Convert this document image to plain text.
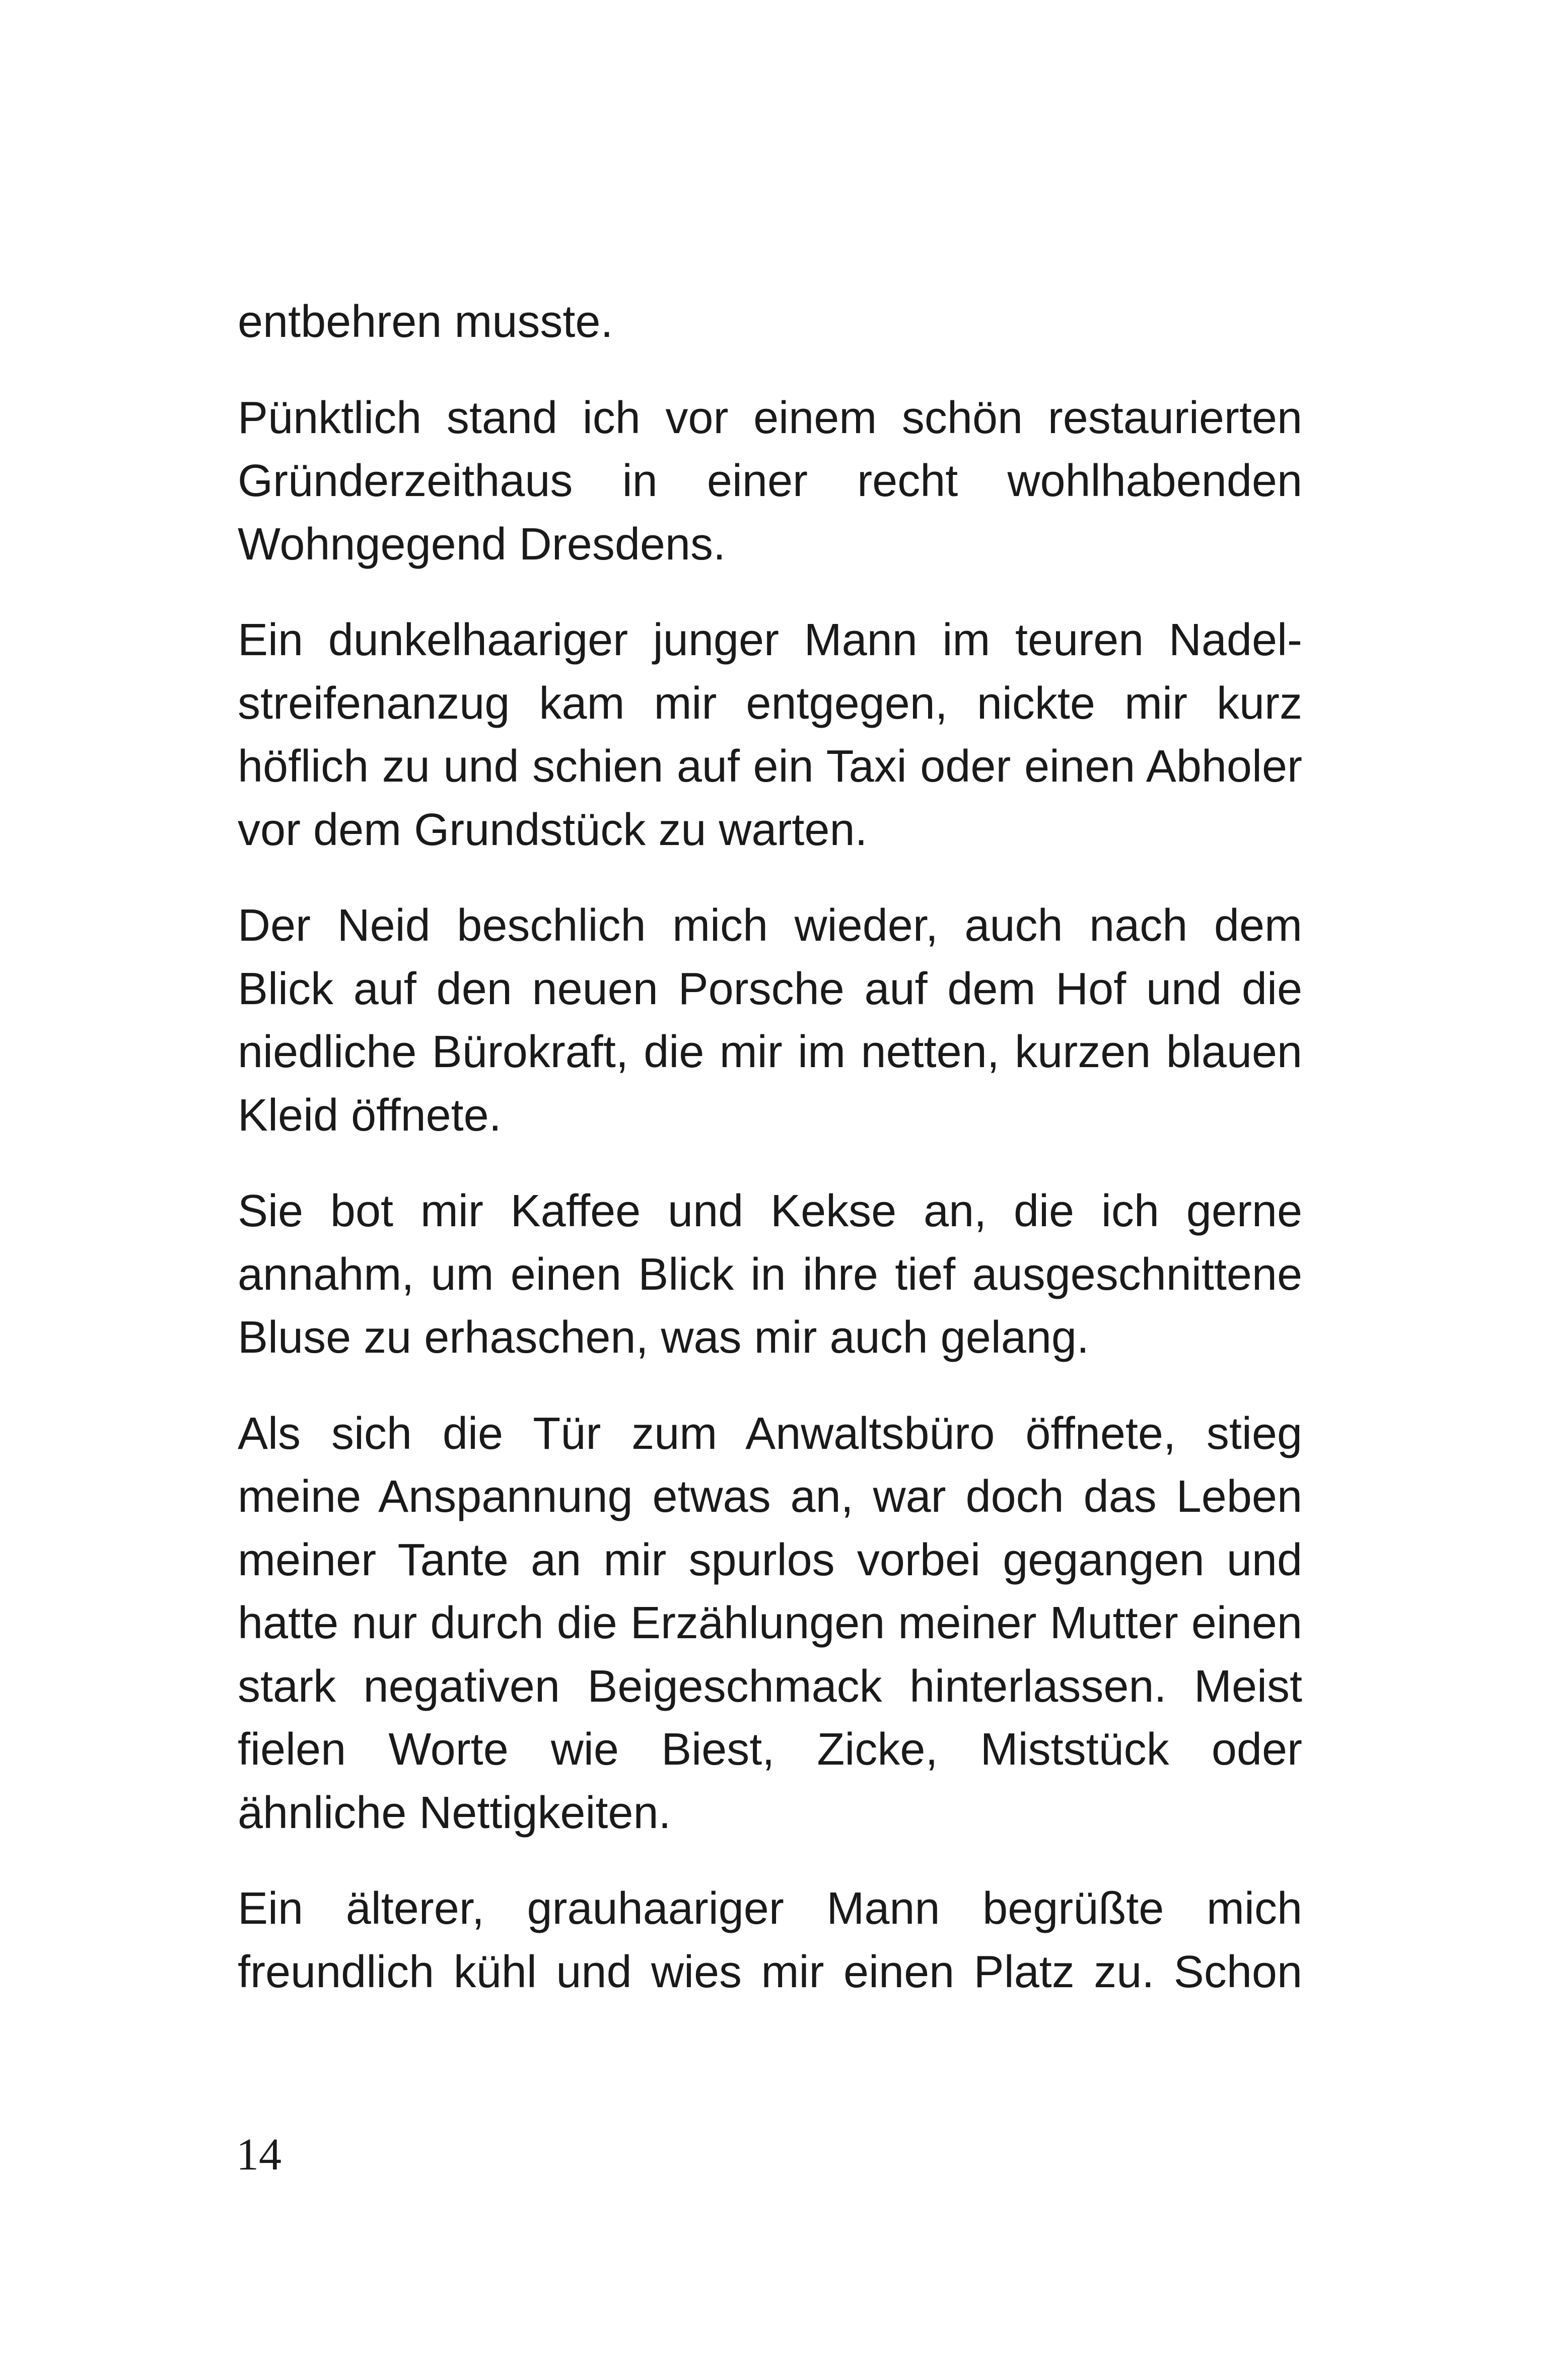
entbehren musste.

Pünktlich stand ich vor einem schön restaurierten Gründerzeithaus in einer recht wohlhabenden Wohngegend Dresdens.

Ein dunkelhaariger junger Mann im teuren Nadelstreifenanzug kam mir entgegen, nickte mir kurz höflich zu und schien auf ein Taxi oder einen Abholer vor dem Grundstück zu warten.

Der Neid beschlich mich wieder, auch nach dem Blick auf den neuen Porsche auf dem Hof und die niedliche Bürokraft, die mir im netten, kurzen blauen Kleid öffnete.

Sie bot mir Kaffee und Kekse an, die ich gerne annahm, um einen Blick in ihre tief ausgeschnittene Bluse zu erhaschen, was mir auch gelang.

Als sich die Tür zum Anwaltsbüro öffnete, stieg meine Anspannung etwas an, war doch das Leben meiner Tante an mir spurlos vorbei gegangen und hatte nur durch die Erzählungen meiner Mutter einen stark negativen Beigeschmack hinterlassen. Meist fielen Worte wie Biest, Zicke, Miststück oder ähnliche Nettigkeiten.

Ein älterer, grauhaariger Mann begrüßte mich freundlich kühl und wies mir einen Platz zu. Schon

14
